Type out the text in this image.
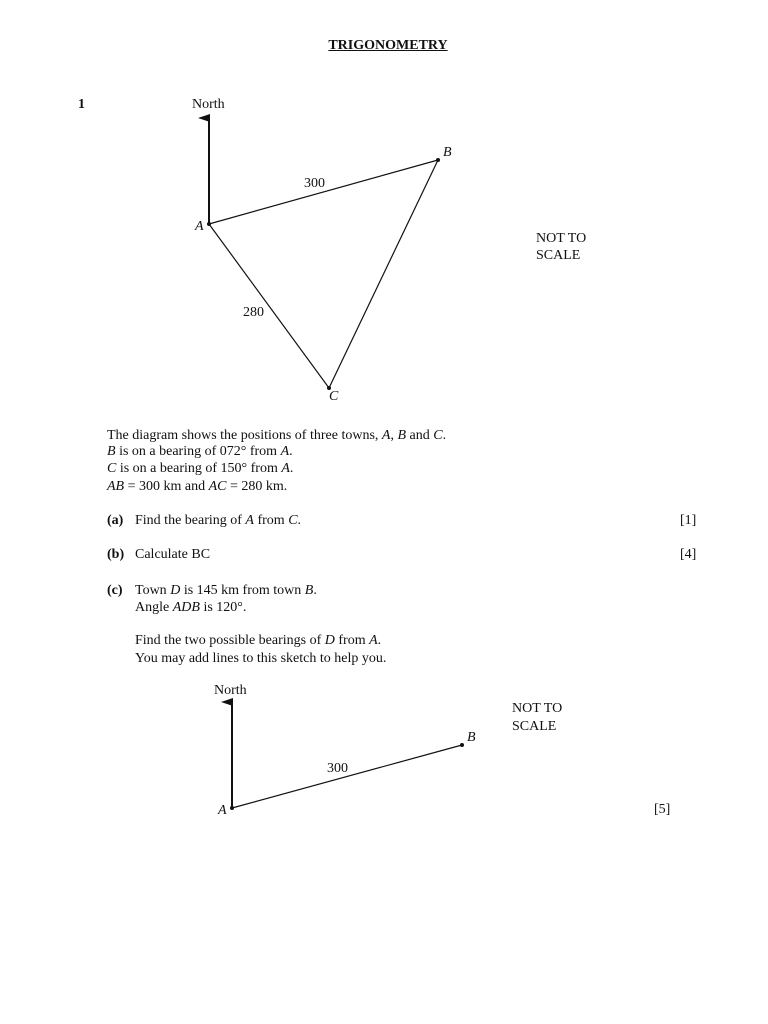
TRIGONOMETRY
1	North
A
B
C
300
280
NOT TO
SCALE
The diagram shows the positions of three towns, A, B and C.
B is on a bearing of 072° from A.
C is on a bearing of 150° from A.
AB = 300 km and AC = 280 km.
(a) Find the bearing of A from C.	[1]
(b) Calculate BC	[4]
(c) Town D is 145 km from town B.
Angle ADB is 120°.
Find the two possible bearings of D from A.
You may add lines to this sketch to help you.
North
A
B
300
NOT TO
SCALE
[5]
